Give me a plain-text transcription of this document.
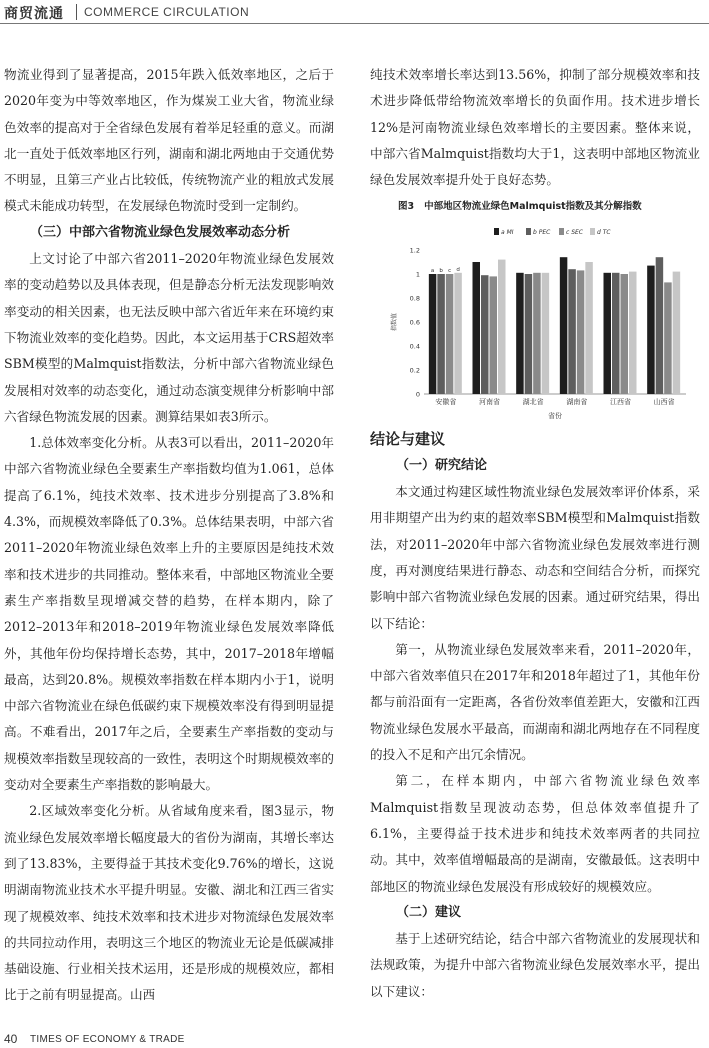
商贸流通 COMMERCE CIRCULATION

物流业得到了显著提高，2015年跌入低效率地区，之后于2020年变为中等效率地区，作为煤炭工业大省，物流业绿色效率的提高对于全省绿色发展有着举足轻重的意义。而湖北一直处于低效率地区行列，湖南和湖北两地由于交通优势不明显，且第三产业占比较低，传统物流产业的粗放式发展模式未能成功转型，在发展绿色物流时受到一定制约。

（三）中部六省物流业绿色发展效率动态分析

上文讨论了中部六省2011–2020年物流业绿色发展效率的变动趋势以及具体表现，但是静态分析无法发现影响效率变动的相关因素，也无法反映中部六省近年来在环境约束下物流业效率的变化趋势。因此，本文运用基于CRS超效率SBM模型的Malmquist指数法，分析中部六省物流业绿色发展相对效率的动态变化，通过动态演变规律分析影响中部六省绿色物流发展的因素。测算结果如表3所示。

1.总体效率变化分析。从表3可以看出，2011–2020年中部六省物流业绿色全要素生产率指数均值为1.061，总体提高了6.1%，纯技术效率、技术进步分别提高了3.8%和4.3%，而规模效率降低了0.3%。总体结果表明，中部六省2011–2020年物流业绿色效率上升的主要原因是纯技术效率和技术进步的共同推动。整体来看，中部地区物流业全要素生产率指数呈现增减交替的趋势，在样本期内，除了2012–2013年和2018–2019年物流业绿色发展效率降低外，其他年份均保持增长态势，其中，2017–2018年增幅最高，达到20.8%。规模效率指数在样本期内小于1，说明中部六省物流业在绿色低碳约束下规模效率没有得到明显提高。不难看出，2017年之后，全要素生产率指数的变动与规模效率指数呈现较高的一致性，表明这个时期规模效率的变动对全要素生产率指数的影响最大。

2.区域效率变化分析。从省域角度来看，图3显示，物流业绿色发展效率增长幅度最大的省份为湖南，其增长率达到了13.83%，主要得益于其技术变化9.76%的增长，这说明湖南物流业技术水平提升明显。安徽、湖北和江西三省实现了规模效率、纯技术效率和技术进步对物流绿色发展效率的共同拉动作用，表明这三个地区的物流业无论是低碳减排基础设施、行业相关技术运用，还是形成的规模效应，都相比于之前有明显提高。山西

纯技术效率增长率达到13.56%，抑制了部分规模效率和技术进步降低带给物流效率增长的负面作用。技术进步增长12%是河南物流业绿色效率增长的主要因素。整体来说，中部六省Malmquist指数均大于1，这表明中部地区物流业绿色发展效率提升处于良好态势。

结论与建议
（一）研究结论

本文通过构建区域性物流业绿色发展效率评价体系，采用非期望产出为约束的超效率SBM模型和Malmquist指数法，对2011–2020年中部六省物流业绿色发展效率进行测度，再对测度结果进行静态、动态和空间结合分析，而探究影响中部六省物流业绿色发展的因素。通过研究结果，得出以下结论：

第一，从物流业绿色发展效率来看，2011–2020年，中部六省效率值只在2017年和2018年超过了1，其他年份都与前沿面有一定距离，各省份效率值差距大，安徽和江西物流业绿色发展水平最高，而湖南和湖北两地存在不同程度的投入不足和产出冗余情况。

第二，在样本期内，中部六省物流业绿色效率Malmquist指数呈现波动态势，但总体效率值提升了6.1%，主要得益于技术进步和纯技术效率两者的共同拉动。其中，效率值增幅最高的是湖南，安徽最低。这表明中部地区的物流业绿色发展没有形成较好的规模效应。

（二）建议

基于上述研究结论，结合中部六省物流业的发展现状和法规政策，为提升中部六省物流业绿色发展效率水平，提出以下建议：

图3 中部地区物流业绿色Malmquist指数及其分解指数
指数值
0
0.2
0.4
0.6
0.8
1
1.2
a MI	b PEC	c SEC d TC
a b c d
安徽省	河南省	湖北省	湖南省	江西省	山西省
省份
40 TIMES OF ECONOMY & TRADE
